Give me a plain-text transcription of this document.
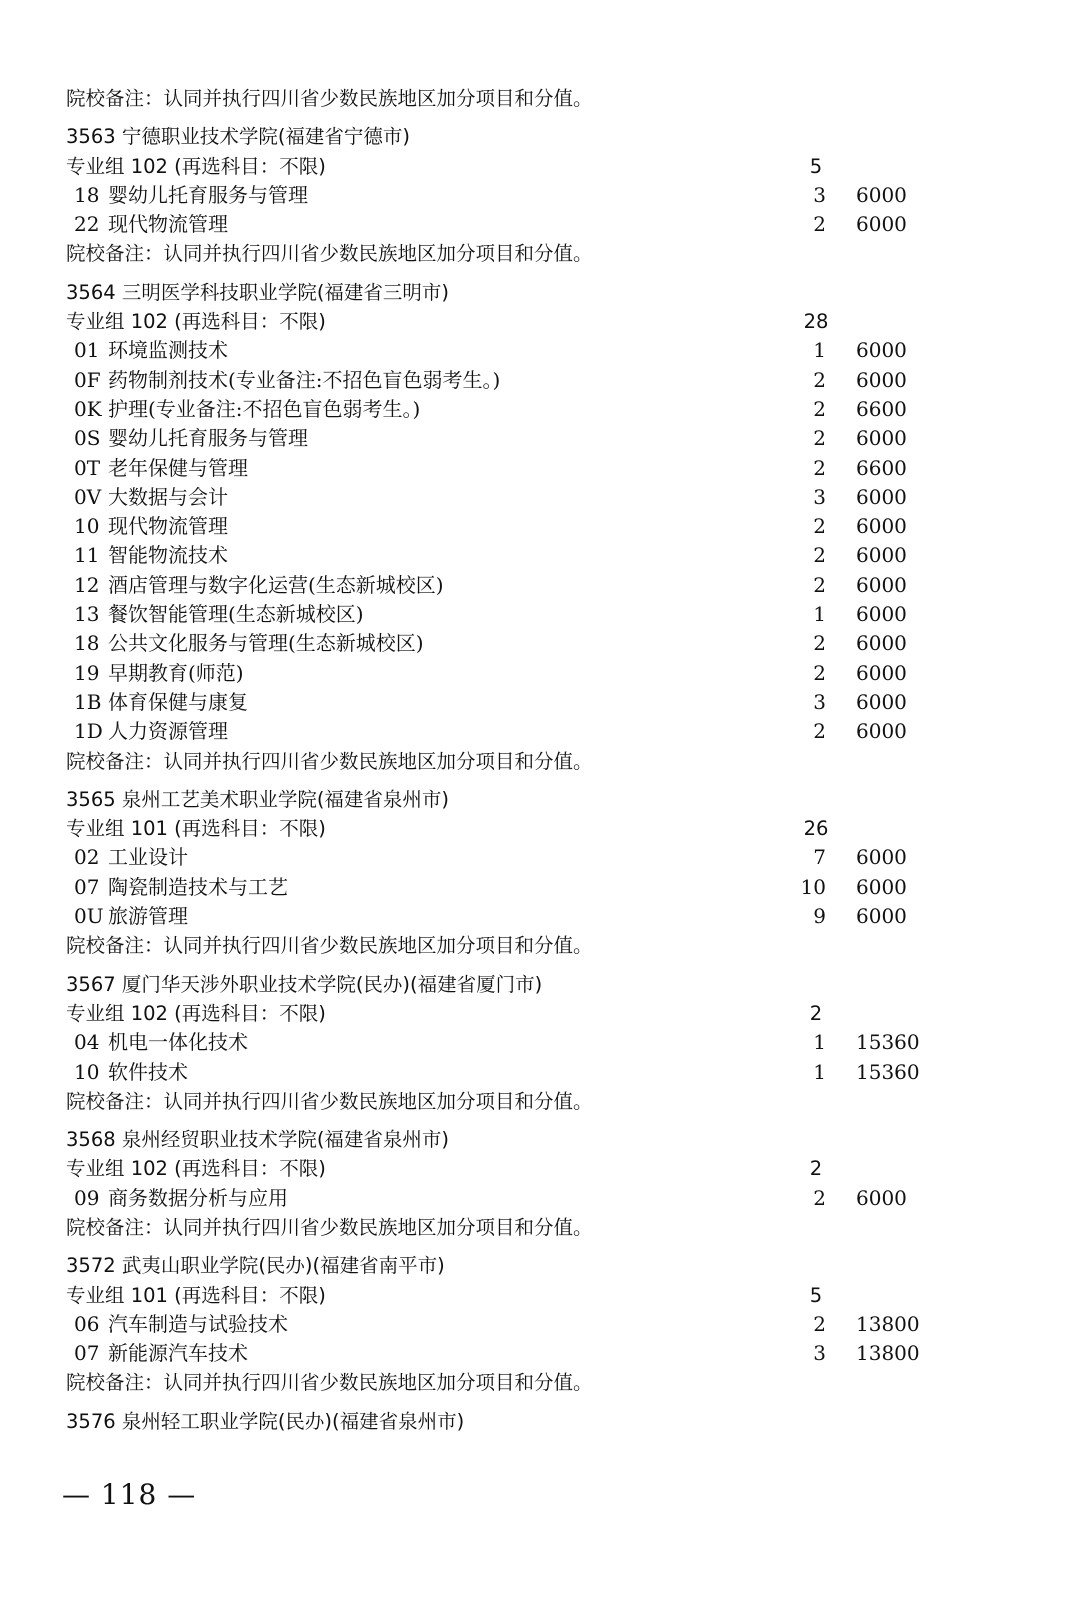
院校备注：认同并执行四川省少数民族地区加分项目和分值。
3563 宁德职业技术学院(福建省宁德市)
专业组 102 (再选科目：不限)	5
18 婴幼儿托育服务与管理	3 6000
22 现代物流管理	2 6000
院校备注：认同并执行四川省少数民族地区加分项目和分值。
3564 三明医学科技职业学院(福建省三明市)
专业组 102 (再选科目：不限)	28
01 环境监测技术	1 6000
0F 药物制剂技术(专业备注:不招色盲色弱考生。)	2 6000
0K 护理(专业备注:不招色盲色弱考生。)	2 6600
0S 婴幼儿托育服务与管理	2 6000
0T 老年保健与管理	2 6600
0V 大数据与会计	3 6000
10 现代物流管理	2 6000
11 智能物流技术	2 6000
12 酒店管理与数字化运营(生态新城校区)	2 6000
13 餐饮智能管理(生态新城校区)	1 6000
18 公共文化服务与管理(生态新城校区)	2 6000
19 早期教育(师范)	2 6000
1B 体育保健与康复	3 6000
1D 人力资源管理	2 6000
院校备注：认同并执行四川省少数民族地区加分项目和分值。
3565 泉州工艺美术职业学院(福建省泉州市)
专业组 101 (再选科目：不限)	26
02 工业设计	7 6000
07 陶瓷制造技术与工艺	10 6000
0U 旅游管理	9 6000
院校备注：认同并执行四川省少数民族地区加分项目和分值。
3567 厦门华天涉外职业技术学院(民办)(福建省厦门市)
专业组 102 (再选科目：不限)	2
04 机电一体化技术	1 15360
10 软件技术	1 15360
院校备注：认同并执行四川省少数民族地区加分项目和分值。
3568 泉州经贸职业技术学院(福建省泉州市)
专业组 102 (再选科目：不限)	2
09 商务数据分析与应用	2 6000
院校备注：认同并执行四川省少数民族地区加分项目和分值。
3572 武夷山职业学院(民办)(福建省南平市)
专业组 101 (再选科目：不限)	5
06 汽车制造与试验技术	2 13800
07 新能源汽车技术	3 13800
院校备注：认同并执行四川省少数民族地区加分项目和分值。
3576 泉州轻工职业学院(民办)(福建省泉州市)
— 118 —
